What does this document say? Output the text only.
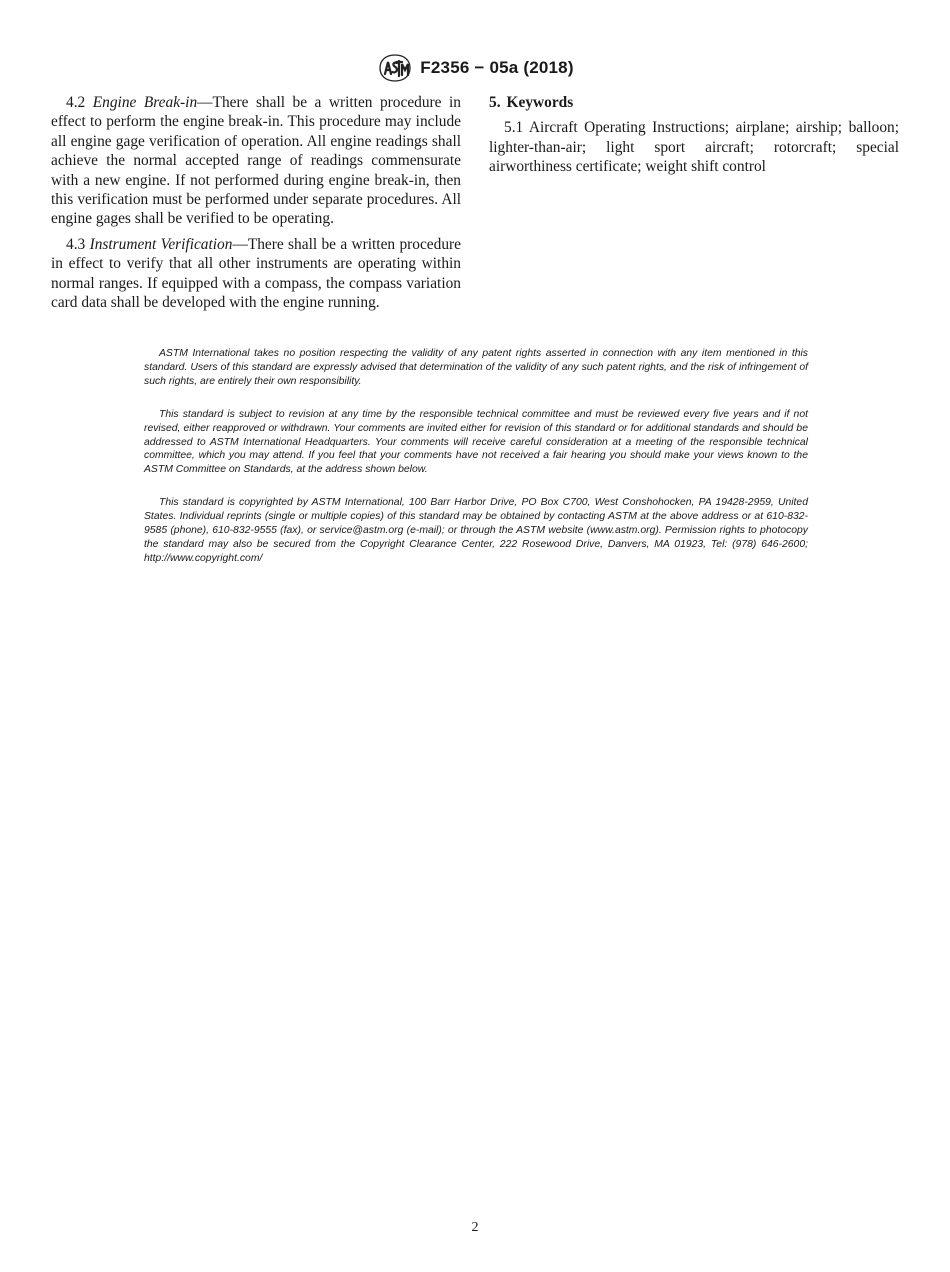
F2356 − 05a (2018)

4.2 Engine Break-in—There shall be a written procedure in effect to perform the engine break-in. This procedure may include all engine gage verification of operation. All engine readings shall achieve the normal accepted range of readings commensurate with a new engine. If not performed during engine break-in, then this verification must be performed under separate procedures. All engine gages shall be verified to be operating.

4.3 Instrument Verification—There shall be a written procedure in effect to verify that all other instruments are operating within normal ranges. If equipped with a compass, the compass variation card data shall be developed with the engine running.

5. Keywords

5.1 Aircraft Operating Instructions; airplane; airship; balloon; lighter-than-air; light sport aircraft; rotorcraft; special airworthiness certificate; weight shift control

ASTM International takes no position respecting the validity of any patent rights asserted in connection with any item mentioned in this standard. Users of this standard are expressly advised that determination of the validity of any such patent rights, and the risk of infringement of such rights, are entirely their own responsibility.

This standard is subject to revision at any time by the responsible technical committee and must be reviewed every five years and if not revised, either reapproved or withdrawn. Your comments are invited either for revision of this standard or for additional standards and should be addressed to ASTM International Headquarters. Your comments will receive careful consideration at a meeting of the responsible technical committee, which you may attend. If you feel that your comments have not received a fair hearing you should make your views known to the ASTM Committee on Standards, at the address shown below.

This standard is copyrighted by ASTM International, 100 Barr Harbor Drive, PO Box C700, West Conshohocken, PA 19428-2959, United States. Individual reprints (single or multiple copies) of this standard may be obtained by contacting ASTM at the above address or at 610-832-9585 (phone), 610-832-9555 (fax), or service@astm.org (e-mail); or through the ASTM website (www.astm.org). Permission rights to photocopy the standard may also be secured from the Copyright Clearance Center, 222 Rosewood Drive, Danvers, MA 01923, Tel: (978) 646-2600; http://www.copyright.com/

2
